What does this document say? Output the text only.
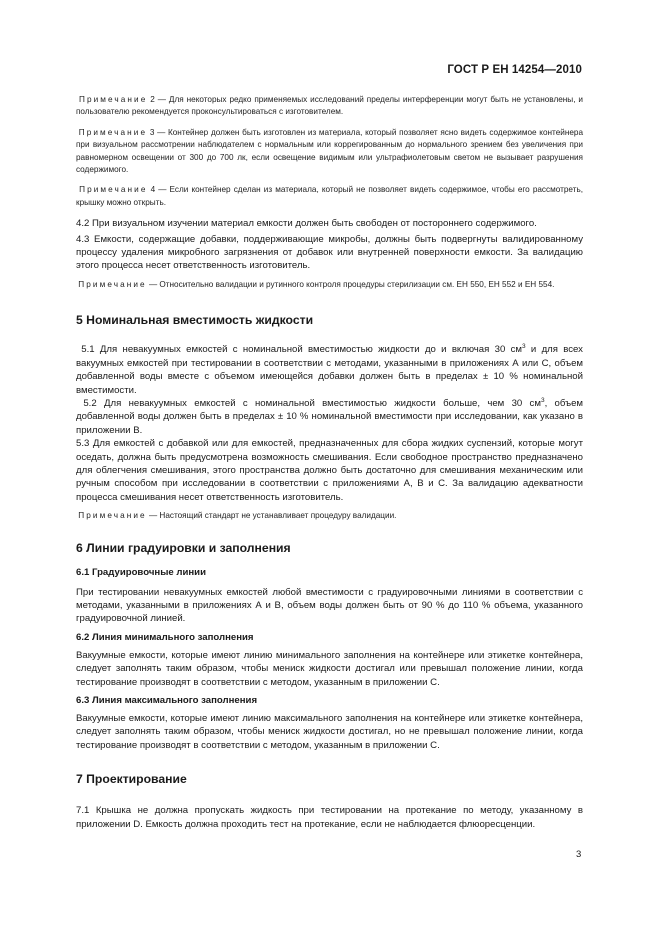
ГОСТ Р ЕН 14254—2010

Примечание 2 — Для некоторых редко применяемых исследований пределы интерференции могут быть не установлены, и пользователю рекомендуется проконсультироваться с изготовителем.

Примечание 3 — Контейнер должен быть изготовлен из материала, который позволяет ясно видеть содержимое контейнера при визуальном рассмотрении наблюдателем с нормальным или коррегированным до нормального зрением без увеличения при равномерном освещении от 300 до 700 лк, если освещение видимым или ультрафиолетовым светом не вызывает разрушения содержимого.

Примечание 4 — Если контейнер сделан из материала, который не позволяет видеть содержимое, чтобы его рассмотреть, крышку можно открыть.

4.2 При визуальном изучении материал емкости должен быть свободен от постороннего содержимого.

4.3 Емкости, содержащие добавки, поддерживающие микробы, должны быть подвергнуты валидированному процессу удаления микробного загрязнения от добавок или внутренней поверхности емкости. За валидацию этого процесса несет ответственность изготовитель.

Примечание — Относительно валидации и рутинного контроля процедуры стерилизации см. ЕН 550, ЕН 552 и ЕН 554.

5 Номинальная вместимость жидкости

5.1 Для невакуумных емкостей с номинальной вместимостью жидкости до и включая 30 $см^3$ и для всех вакуумных емкостей при тестировании в соответствии с методами, указанными в приложениях А или С, объем добавленной воды вместе с объемом имеющейся добавки должен быть в пределах ± 10 % номинальной вместимости.

5.2 Для невакуумных емкостей с номинальной вместимостью жидкости больше, чем 30 $см^3$, объем добавленной воды должен быть в пределах ± 10 % номинальной вместимости при исследовании, как указано в приложении В.

5.3 Для емкостей с добавкой или для емкостей, предназначенных для сбора жидких суспензий, которые могут оседать, должна быть предусмотрена возможность смешивания. Если свободное пространство предназначено для облегчения смешивания, этого пространства должно быть достаточно для смешивания механическим или ручным способом при исследовании в соответствии с приложениями А, В и С. За валидацию адекватности процесса смешивания несет ответственность изготовитель.

Примечание — Настоящий стандарт не устанавливает процедуру валидации.

6 Линии градуировки и заполнения

6.1 Градуировочные линии

При тестировании невакуумных емкостей любой вместимости с градуировочными линиями в соответствии с методами, указанными в приложениях А и В, объем воды должен быть от 90 % до 110 % объема, указанного градуировочной линией.

6.2 Линия минимального заполнения

Вакуумные емкости, которые имеют линию минимального заполнения на контейнере или этикетке контейнера, следует заполнять таким образом, чтобы мениск жидкости достигал или превышал положение линии, когда тестирование производят в соответствии с методом, указанным в приложении С.

6.3 Линия максимального заполнения

Вакуумные емкости, которые имеют линию максимального заполнения на контейнере или этикетке контейнера, следует заполнять таким образом, чтобы мениск жидкости достигал, но не превышал положение линии, когда тестирование производят в соответствии с методом, указанным в приложении С.

7 Проектирование

7.1 Крышка не должна пропускать жидкость при тестировании на протекание по методу, указанному в приложении D. Емкость должна проходить тест на протекание, если не наблюдается флюоресценции.

3
